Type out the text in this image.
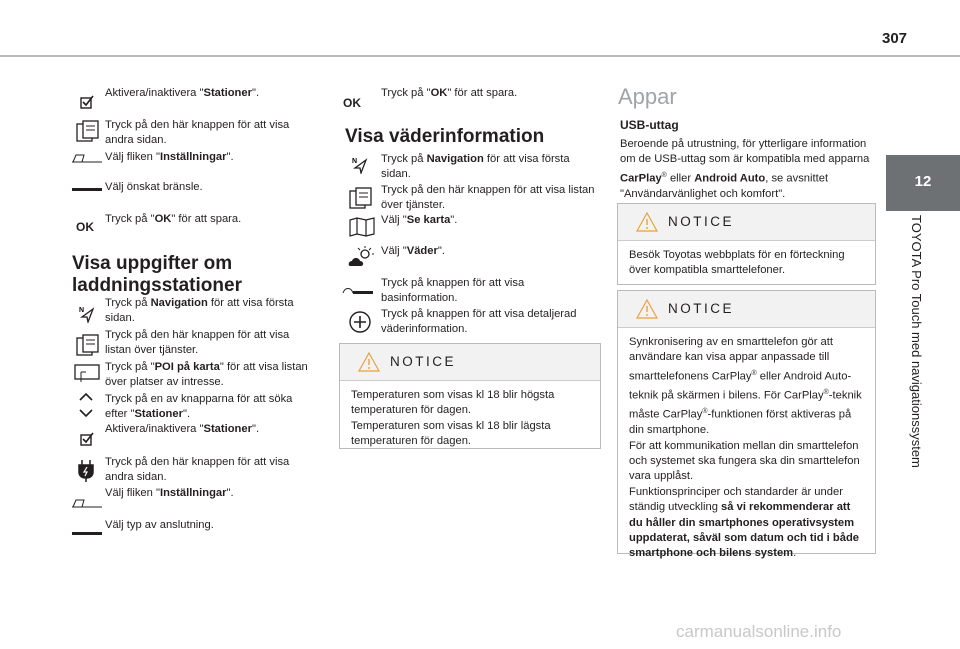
307
12
TOYOTA Pro Touch med navigationssystem
Aktivera/inaktivera "Stationer".
Tryck på den här knappen för att visa andra sidan.
Välj fliken "Inställningar".
Välj önskat bränsle.
OK
Tryck på "OK" för att spara.
Visa uppgifter om laddningsstationer
N
Tryck på Navigation för att visa första sidan.
Tryck på den här knappen för att visa listan över tjänster.
Tryck på "POI på karta" för att visa listan över platser av intresse.
Tryck på en av knapparna för att söka efter "Stationer".
Aktivera/inaktivera "Stationer".
Tryck på den här knappen för att visa andra sidan.
Välj fliken "Inställningar".
Välj typ av anslutning.
OK
Tryck på "OK" för att spara.
Visa väderinformation
N Tryck på Navigation för att visa första sidan.
Tryck på den här knappen för att visa listan över tjänster.
Välj "Se karta".
Välj "Väder".
Tryck på knappen för att visa basinformation.
Tryck på knappen för att visa detaljerad väderinformation.
NOTICE
Temperaturen som visas kl 18 blir högsta temperaturen för dagen.
Temperaturen som visas kl 18 blir lägsta temperaturen för dagen.
Appar
USB-uttag
Beroende på utrustning, för ytterligare information om de USB-uttag som är kompatibla med apparna CarPlay® eller Android Auto, se avsnittet "Användarvänlighet och komfort".
NOTICE
Besök Toyotas webbplats för en förteckning över kompatibla smarttelefoner.
NOTICE
Synkronisering av en smarttelefon gör att användare kan visa appar anpassade till smarttelefonens CarPlay® eller Android Auto-teknik på skärmen i bilens. För CarPlay®-teknik måste CarPlay®-funktionen först aktiveras på din smartphone.
För att kommunikation mellan din smarttelefon och systemet ska fungera ska din smarttelefon vara upplåst.
Funktionsprinciper och standarder är under ständig utveckling så vi rekommenderar att du håller din smartphones operativsystem uppdaterat, såväl som datum och tid i både smartphone och bilens system.
carmanualsonline.info
